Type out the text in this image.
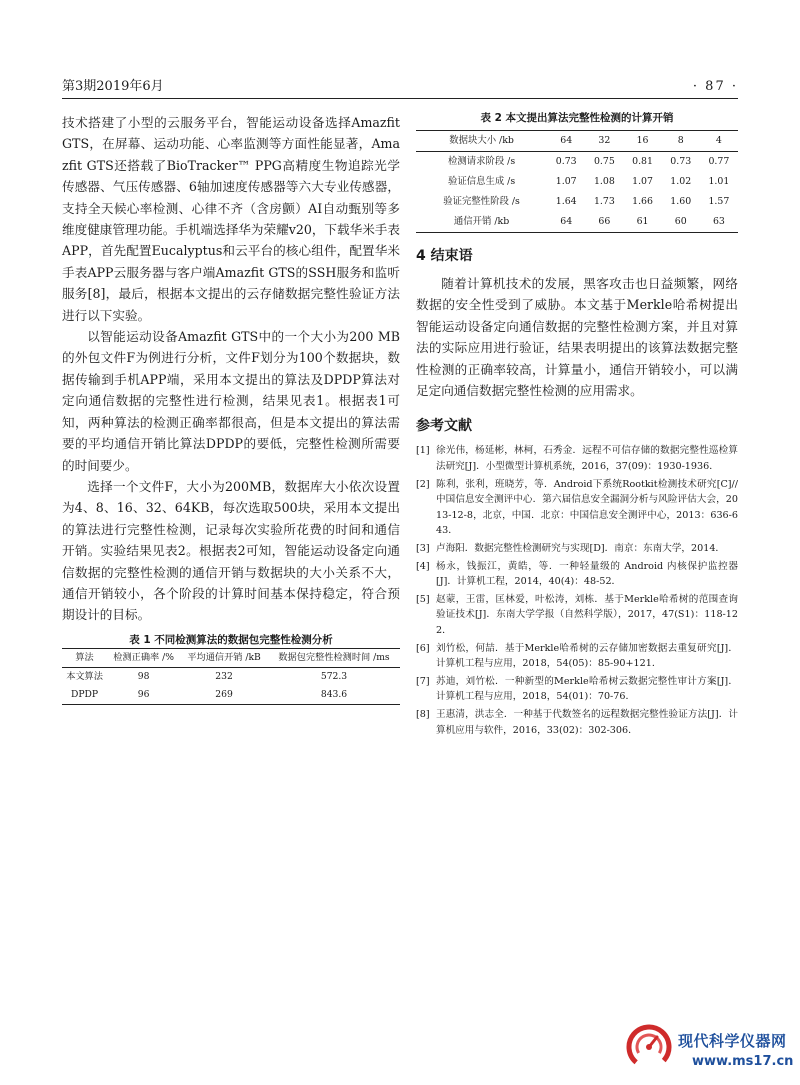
第3期2019年6月	· 87 ·

技术搭建了小型的云服务平台，智能运动设备选择Amazfit GTS，在屏幕、运动功能、心率监测等方面性能显著，Amazfit GTS还搭载了BioTracker™ PPG高精度生物追踪光学传感器、气压传感器、6轴加速度传感器等六大专业传感器，支持全天候心率检测、心律不齐（含房颤）AI自动甄别等多维度健康管理功能。手机端选择华为荣耀v20，下载华米手表APP，首先配置Eucalyptus和云平台的核心组件，配置华米手表APP云服务器与客户端Amazfit GTS的SSH服务和监听服务[8]，最后，根据本文提出的云存储数据完整性验证方法进行以下实验。

以智能运动设备Amazfit GTS中的一个大小为200 MB的外包文件F为例进行分析，文件F划分为100个数据块，数据传输到手机APP端，采用本文提出的算法及DPDP算法对定向通信数据的完整性进行检测，结果见表1。根据表1可知，两种算法的检测正确率都很高，但是本文提出的算法需要的平均通信开销比算法DPDP的要低，完整性检测所需要的时间要少。

选择一个文件F，大小为200MB，数据库大小依次设置为4、8、16、32、64KB，每次选取500块，采用本文提出的算法进行完整性检测，记录每次实验所花费的时间和通信开销。实验结果见表2。根据表2可知，智能运动设备定向通信数据的完整性检测的通信开销与数据块的大小关系不大，通信开销较小，各个阶段的计算时间基本保持稳定，符合预期设计的目标。

表 1 不同检测算法的数据包完整性检测分析

算法	检测正确率 /%	平均通信开销 /kB	数据包完整性检测时间 /ms
本文算法	98	232	572.3
DPDP	96	269	843.6

表 2 本文提出算法完整性检测的计算开销

数据块大小 /kb	64	32	16	8	4
检测请求阶段 /s	0.73	0.75	0.81	0.73	0.77
验证信息生成 /s	1.07	1.08	1.07	1.02	1.01
验证完整性阶段 /s	1.64	1.73	1.66	1.60	1.57
通信开销 /kb	64	66	61	60	63
4 结束语

随着计算机技术的发展，黑客攻击也日益频繁，网络数据的安全性受到了威胁。本文基于Merkle哈希树提出智能运动设备定向通信数据的完整性检测方案，并且对算法的实际应用进行验证，结果表明提出的该算法数据完整性检测的正确率较高，计算量小，通信开销较小，可以满足定向通信数据完整性检测的应用需求。

参考文献
[1] 徐光伟，杨延彬，林柯，石秀金．远程不可信存储的数据完整性巡检算法研究[J]．小型微型计算机系统，2016，37(09)：1930-1936．
[2] 陈利，张利，班晓芳，等．Android下系统Rootkit检测技术研究[C]//中国信息安全测评中心．第六届信息安全漏洞分析与风险评估大会，2013-12-8，北京，中国．北京：中国信息安全测评中心，2013：636-643．
[3] 卢海阳．数据完整性检测研究与实现[D]．南京：东南大学，2014．
[4] 杨永，钱振江，黄皓，等．一种轻量级的 Android 内核保护监控器[J]．计算机工程，2014，40(4)：48-52．
[5] 赵蒙，王雷，匡林爱，叶松涛，刘栋．基于Merkle哈希树的范围查询验证技术[J]．东南大学学报（自然科学版），2017，47(S1)：118-122．
[6] 刘竹松，何喆．基于Merkle哈希树的云存储加密数据去重复研究[J]．计算机工程与应用，2018，54(05)：85-90+121．
[7] 苏迪，刘竹松．一种新型的Merkle哈希树云数据完整性审计方案[J]．计算机工程与应用，2018，54(01)：70-76．
[8] 王惠清，洪志全．一种基于代数签名的远程数据完整性验证方法[J]．计算机应用与软件，2016，33(02)：302-306．
现代科学仪器网
www.ms17.cn
